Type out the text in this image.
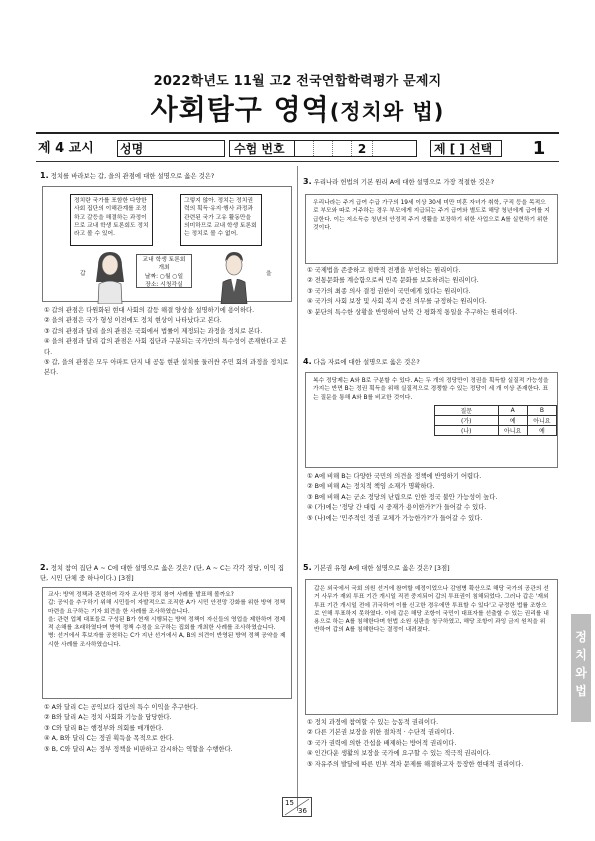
2022학년도 11월 고2 전국연합학력평가 문제지
사회탐구 영역(정치와 법)
제 4 교시	성명	수험 번호	2	제 [ ] 선택	1
1. 정치를 바라보는 갑, 을의 관점에 대한 설명으로 옳은 것은?
정치란 국가를 포함한 다양한 사회 집단의 이해관계를 조정하고 갈등을 해결하는 과정이므로 교내 학생 토론회도 정치라고 볼 수 있어.
그렇지 않아. 정치는 정치권력의 획득·유지·행사 과정과 관련된 국가 고유 활동만을 의미하므로 교내 학생 토론회는 정치로 볼 수 없어.
교내 학생 토론회 개최
날짜: ○월 ○일
장소: 시청각실
갑	을
① 갑의 관점은 다원화된 현대 사회의 갈등 해결 양상을 설명하기에 용이하다.
② 을의 관점은 국가 형성 이전에도 정치 현상이 나타났다고 본다.
③ 갑의 관점과 달리 을의 관점은 국회에서 법률이 제정되는 과정을 정치로 본다.
④ 을의 관점과 달리 갑의 관점은 사회 집단과 구분되는 국가만의 특수성이 존재한다고 본다.
⑤ 갑, 을의 관점은 모두 아파트 단지 내 공동 현관 설치를 둘러싼 주민 회의 과정을 정치로 본다.
2. 정치 참여 집단 A ~ C에 대한 설명으로 옳은 것은? (단, A ~ C는 각각 정당, 이익 집단, 시민 단체 중 하나이다.) [3점]
교사: 방역 정책과 관련하여 각자 조사한 정치 참여 사례를 발표해 볼까요?
갑: 공익을 추구하기 위해 시민들이 자발적으로 조직한 A가 시민 안전망 강화를 위한 방역 정책 마련을 요구하는 기자 회견을 한 사례를 조사하였습니다.
을: 관련 업체 대표들로 구성된 B가 현재 시행되는 방역 정책이 자신들의 영업을 제한하여 경제적 손해를 초래하였다며 방역 정책 수정을 요구하는 집회를 개최한 사례를 조사하였습니다.
병: 선거에서 후보자를 공천하는 C가 지난 선거에서 A, B의 의견이 반영된 방역 정책 공약을 제시한 사례를 조사하였습니다.
① A와 달리 C는 공익보다 집단의 특수 이익을 추구한다.
② B와 달리 A는 정치 사회화 기능을 담당한다.
③ C와 달리 B는 행정부와 의회를 매개한다.
④ A, B와 달리 C는 정권 획득을 목적으로 한다.
⑤ B, C와 달리 A는 정부 정책을 비판하고 감시하는 역할을 수행한다.
3. 우리나라 헌법의 기본 원리 A에 대한 설명으로 가장 적절한 것은?
우리나라는 주거 급여 수급 가구의 19세 이상 30세 미만 미혼 자녀가 취학, 구직 등을 목적으로 부모와 따로 거주하는 경우 부모에게 지급되는 주거 급여와 별도로 해당 청년에게 급여를 지급한다. 이는 저소득층 청년의 안정적 주거 생활을 보장하기 위한 사업으로 A를 실현하기 위한 것이다.
① 국제법을 존중하고 침략적 전쟁을 부인하는 원리이다.
② 전통문화를 계승함으로써 민족 문화를 보호하려는 원리이다.
③ 국가의 최종 의사 결정 권한이 국민에게 있다는 원리이다.
④ 국가의 사회 보장 및 사회 복지 증진 의무를 규정하는 원리이다.
⑤ 분단의 특수한 상황을 반영하여 남북 간 평화적 통일을 추구하는 원리이다.
4. 다음 자료에 대한 설명으로 옳은 것은?
복수 정당제는 A와 B로 구분할 수 있다. A는 두 개의 정당만이 정권을 획득할 실질적 가능성을 가지는 반면 B는 정권 획득을 위해 실질적으로 경쟁할 수 있는 정당이 세 개 이상 존재한다. 표는 질문을 통해 A와 B를 비교한 것이다.
질문	A	B
(가)	예	아니요
(나)	아니요	예
① A에 비해 B는 다양한 국민의 의견을 정책에 반영하기 어렵다.
② B에 비해 A는 정치적 책임 소재가 명확하다.
③ B에 비해 A는 군소 정당의 난립으로 인한 정국 불안 가능성이 높다.
④ (가)에는 '정당 간 대립 시 중재가 용이한가?'가 들어갈 수 있다.
⑤ (나)에는 '민주적인 정권 교체가 가능한가?'가 들어갈 수 있다.
5. 기본권 유형 A에 대한 설명으로 옳은 것은? [3점]
갑은 외국에서 국회 의원 선거에 참여할 예정이었으나 감염병 확산으로 해당 국가의 공관의 선거 사무가 재외 투표 기간 개시일 직전 중지되어 갑의 투표권이 침해되었다. 그러나 갑은 '재외 투표 기간 개시일 전에 귀국하여 이를 신고한 경우에만 투표할 수 있다'고 규정한 법률 조항으로 인해 투표하지 못하였다. 이에 갑은 해당 조항이 국민이 대표자를 선출할 수 있는 권리를 내용으로 하는 A를 침해한다며 헌법 소원 심판을 청구하였고, 해당 조항이 과잉 금지 원칙을 위반하여 갑의 A를 침해한다는 결정이 내려졌다.
① 정치 과정에 참여할 수 있는 능동적 권리이다.
② 다른 기본권 보장을 위한 절차적 · 수단적 권리이다.
③ 국가 권력에 의한 간섭을 배제하는 방어적 권리이다.
④ 인간다운 생활의 보장을 국가에 요구할 수 있는 적극적 권리이다.
⑤ 자유주의 발달에 따른 빈부 격차 문제를 해결하고자 등장한 현대적 권리이다.
정
치
와
법
15
36
